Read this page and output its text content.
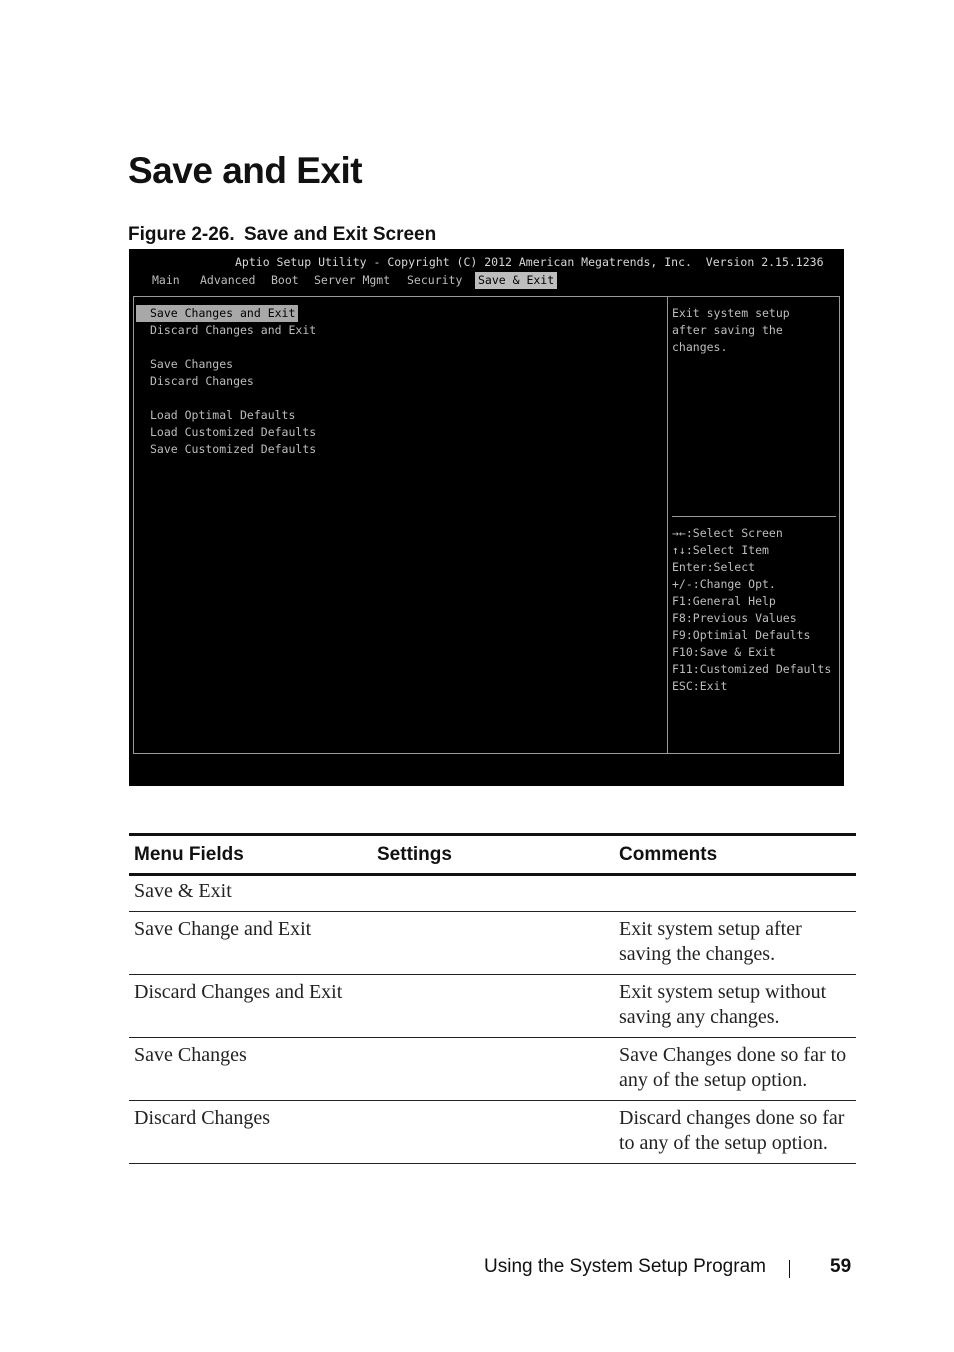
Save and Exit
Figure 2-26. Save and Exit Screen
Aptio Setup Utility - Copyright (C) 2012 American Megatrends, Inc.  Version 2.15.1236
Main Advanced Boot Server Mgmt Security Save & Exit
Save Changes and Exit
Discard Changes and Exit
Save Changes
Discard Changes
Load Optimal Defaults
Load Customized Defaults
Save Customized Defaults
Exit system setup
after saving the
changes.
→←:Select Screen
↑↓:Select Item
Enter:Select
+/-:Change Opt.
F1:General Help
F8:Previous Values
F9:Optimial Defaults
F10:Save & Exit
F11:Customized Defaults
ESC:Exit
Menu Fields	Settings	Comments
Save & Exit		
Save Change and Exit		Exit system setup after saving the changes.
Discard Changes and Exit		Exit system setup without saving any changes.
Save Changes		Save Changes done so far to any of the setup option.
Discard Changes		Discard changes done so far to any of the setup option.
Using the System Setup Program	59
